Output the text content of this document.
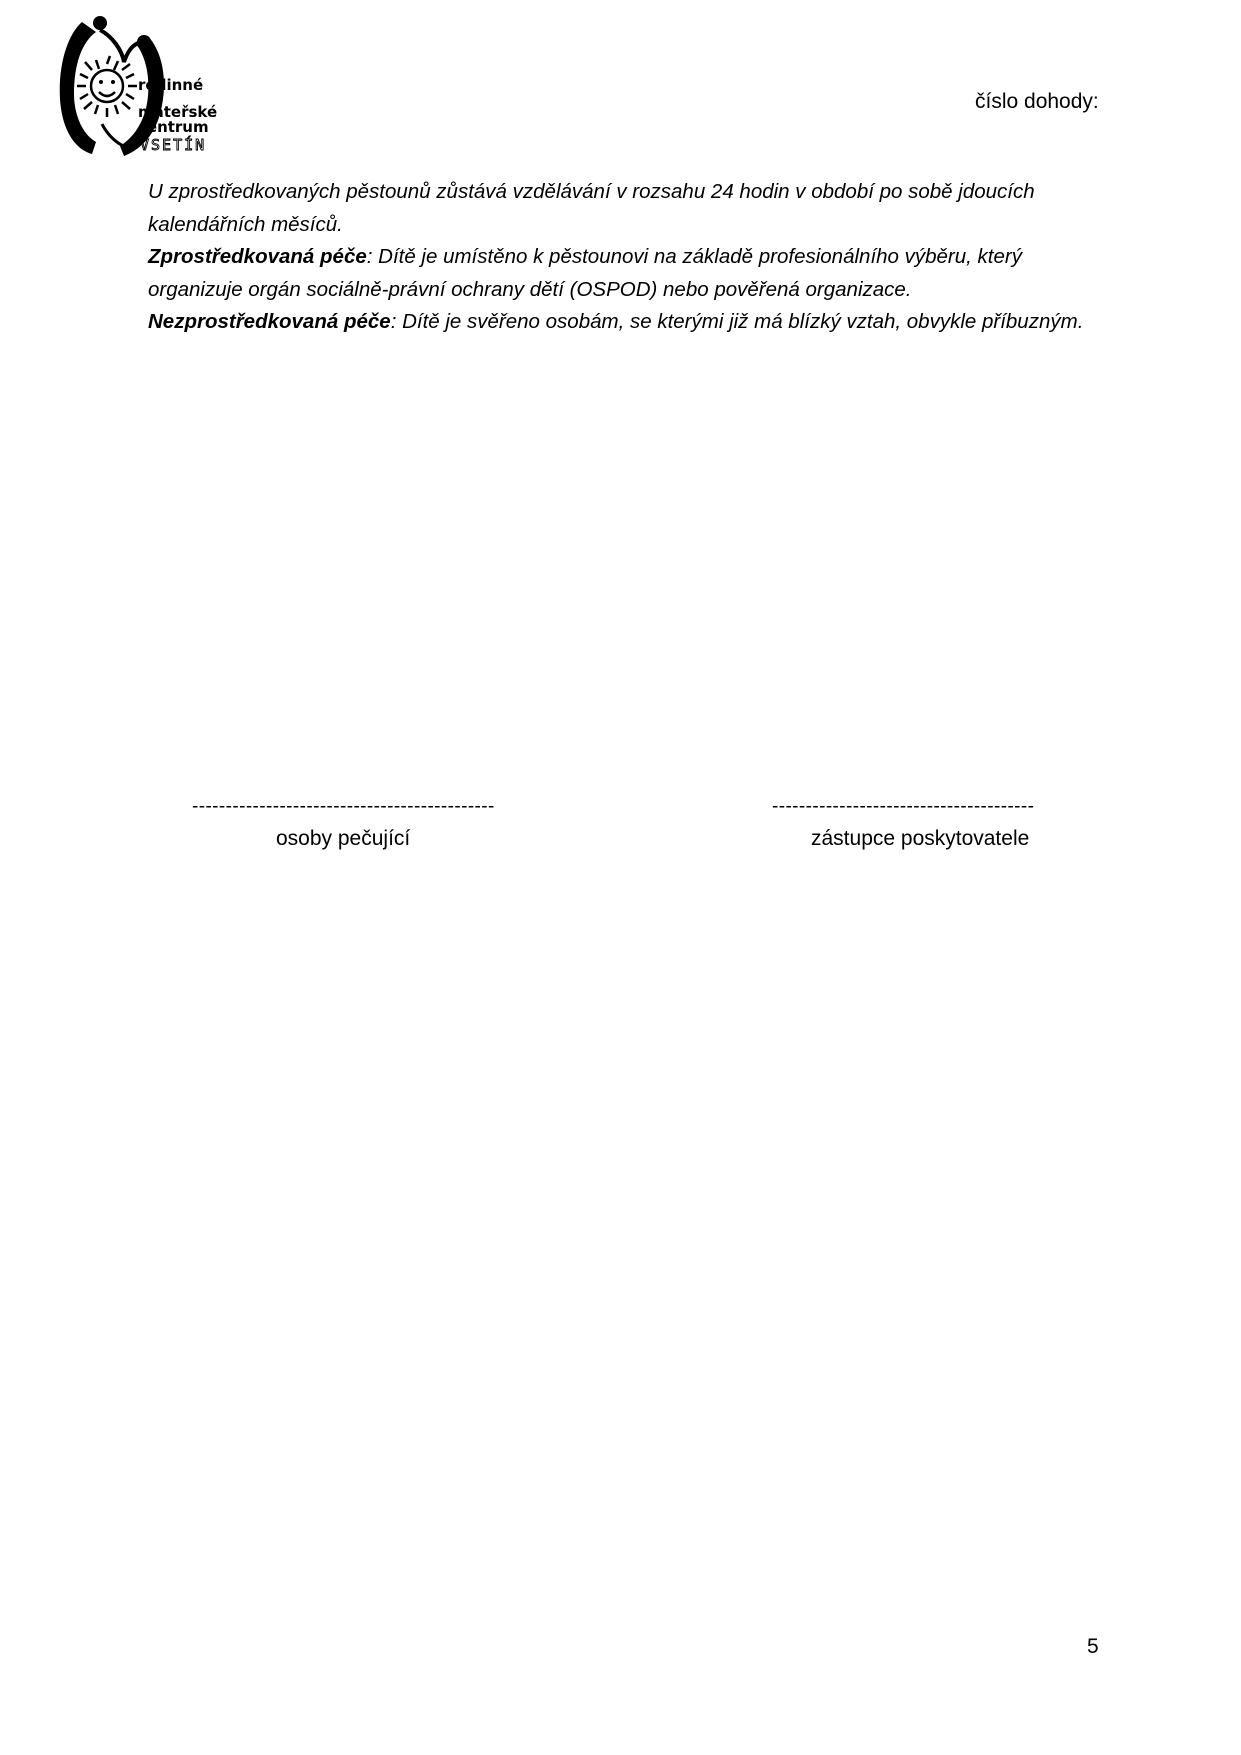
rodinné
a
mateřské
centrum
VSETÍN
číslo dohody:

U zprostředkovaných pěstounů zůstává vzdělávání v rozsahu 24 hodin v období po sobě jdoucích kalendářních měsíců.

Zprostředkovaná péče: Dítě je umístěno k pěstounovi na základě profesionálního výběru, který organizuje orgán sociálně-právní ochrany dětí (OSPOD) nebo pověřená organizace.

Nezprostředkovaná péče: Dítě je svěřeno osobám, se kterými již má blízký vztah, obvykle příbuzným.

---------------------------------------------
osoby pečující
---------------------------------------
zástupce poskytovatele
5
